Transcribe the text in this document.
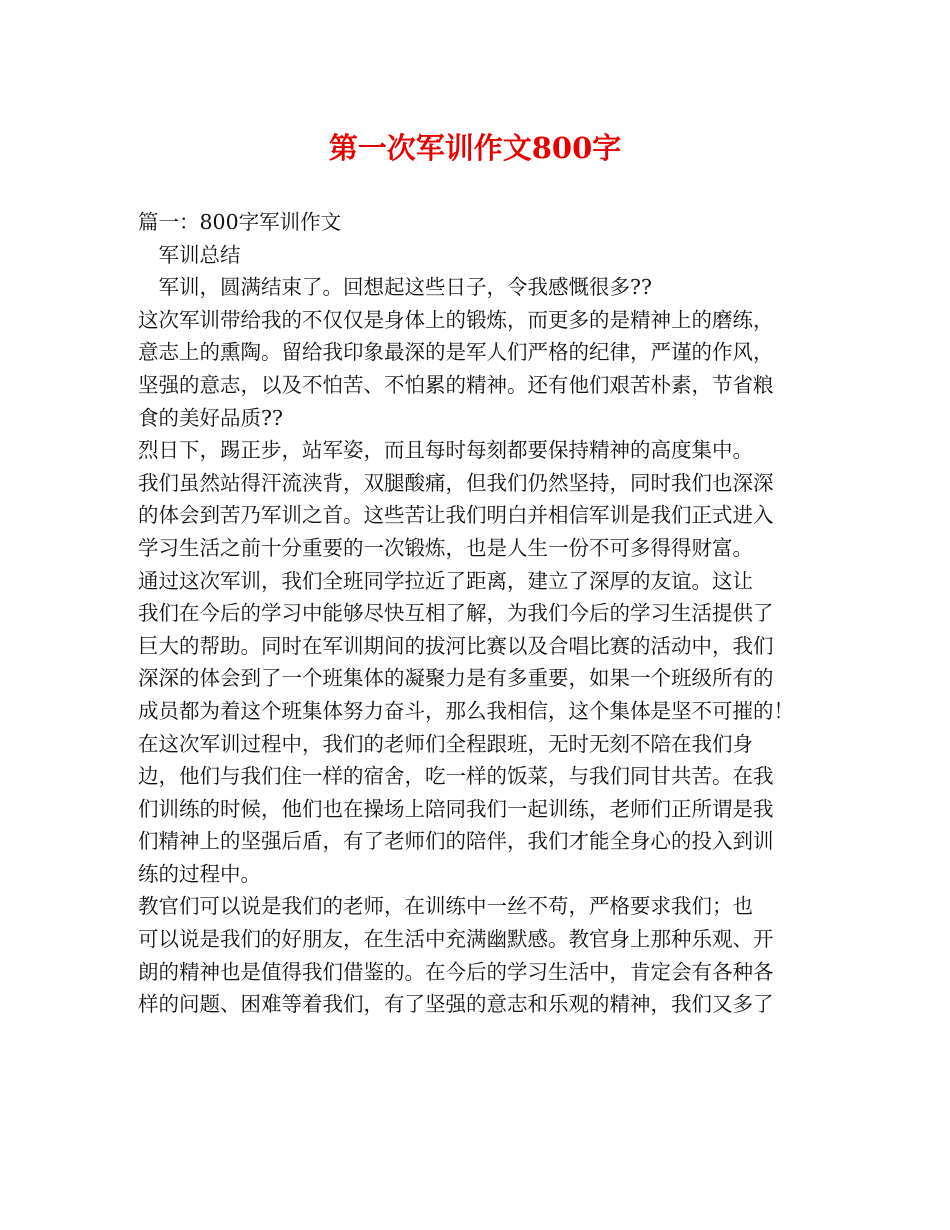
第一次军训作文800字
篇一：800字军训作文
　军训总结
　军训，圆满结束了。回想起这些日子，令我感慨很多??
这次军训带给我的不仅仅是身体上的锻炼，而更多的是精神上的磨练，
意志上的熏陶。留给我印象最深的是军人们严格的纪律，严谨的作风，
坚强的意志，以及不怕苦、不怕累的精神。还有他们艰苦朴素，节省粮
食的美好品质??
烈日下，踢正步，站军姿，而且每时每刻都要保持精神的高度集中。
我们虽然站得汗流浃背，双腿酸痛，但我们仍然坚持，同时我们也深深
的体会到苦乃军训之首。这些苦让我们明白并相信军训是我们正式进入
学习生活之前十分重要的一次锻炼，也是人生一份不可多得得财富。
通过这次军训，我们全班同学拉近了距离，建立了深厚的友谊。这让
我们在今后的学习中能够尽快互相了解，为我们今后的学习生活提供了
巨大的帮助。同时在军训期间的拔河比赛以及合唱比赛的活动中，我们
深深的体会到了一个班集体的凝聚力是有多重要，如果一个班级所有的
成员都为着这个班集体努力奋斗，那么我相信，这个集体是坚不可摧的！
在这次军训过程中，我们的老师们全程跟班，无时无刻不陪在我们身
边，他们与我们住一样的宿舍，吃一样的饭菜，与我们同甘共苦。在我
们训练的时候，他们也在操场上陪同我们一起训练，老师们正所谓是我
们精神上的坚强后盾，有了老师们的陪伴，我们才能全身心的投入到训
练的过程中。
教官们可以说是我们的老师，在训练中一丝不苟，严格要求我们；也
可以说是我们的好朋友，在生活中充满幽默感。教官身上那种乐观、开
朗的精神也是值得我们借鉴的。在今后的学习生活中，肯定会有各种各
样的问题、困难等着我们，有了坚强的意志和乐观的精神，我们又多了
